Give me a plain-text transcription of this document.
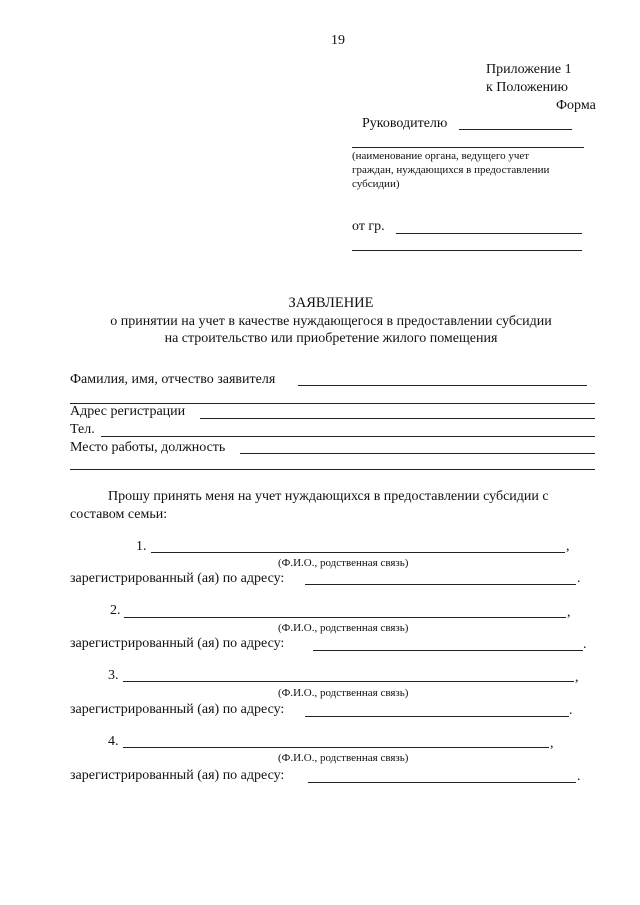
19
Приложение 1
к Положению
Форма
Руководителю
(наименование органа, ведущего учет
граждан, нуждающихся в предоставлении
субсидии)
от гр.
ЗАЯВЛЕНИЕ
о принятии на учет в качестве нуждающегося в предоставлении субсидии
на строительство или приобретение жилого помещения
Фамилия, имя, отчество заявителя
Адрес регистрации
Тел.
Место работы, должность
Прошу принять меня на учет нуждающихся в предоставлении субсидии с
составом семьи:
1.	,
(Ф.И.О., родственная связь)
зарегистрированный (ая) по адресу:	.
2.	,
(Ф.И.О., родственная связь)
зарегистрированный (ая) по адресу:	.
3.	,
(Ф.И.О., родственная связь)
зарегистрированный (ая) по адресу:	.
4.	,
(Ф.И.О., родственная связь)
зарегистрированный (ая) по адресу:	.
